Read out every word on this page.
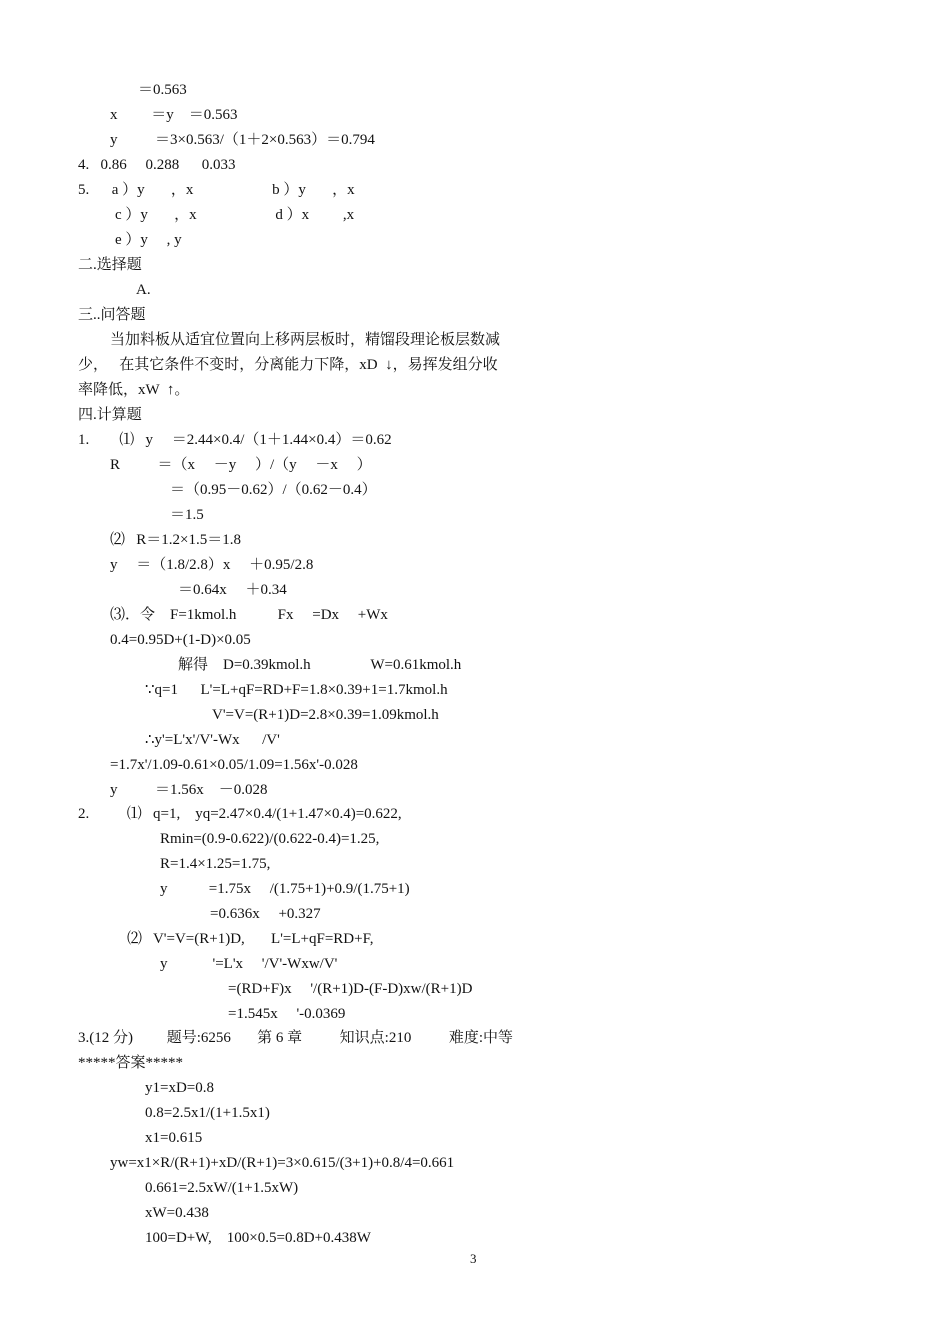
＝0.563
x         ＝y    ＝0.563
y          ＝3×0.563/（1＋2×0.563）＝0.794
4.   0.86     0.288      0.033
5.      a ）y       ，x                     b ）y       ，x
c ）y       ，x                     d ）x         ,x
e ）y     , y
二.选择题
A.
三..问答题
当加料板从适宜位置向上移两层板时，精馏段理论板层数减
少，   在其它条件不变时，分离能力下降，xD  ↓，易挥发组分收
率降低，xW  ↑。
四.计算题
1.        ⑴   y     ＝2.44×0.4/（1＋1.44×0.4）＝0.62
R          ＝（x     －y     ）/（y     －x     ）
＝（0.95－0.62）/（0.62－0.4）
＝1.5
⑵   R＝1.2×1.5＝1.8
y     ＝（1.8/2.8）x     ＋0.95/2.8
＝0.64x     ＋0.34
⑶．令    F=1kmol.h           Fx     =Dx     +Wx
0.4=0.95D+(1-D)×0.05
解得    D=0.39kmol.h                W=0.61kmol.h
∵q=1      L'=L+qF=RD+F=1.8×0.39+1=1.7kmol.h
V'=V=(R+1)D=2.8×0.39=1.09kmol.h
∴y'=L'x'/V'-Wx      /V'
=1.7x'/1.09-0.61×0.05/1.09=1.56x'-0.028
y          ＝1.56x    －0.028
2.          ⑴   q=1,    yq=2.47×0.4/(1+1.47×0.4)=0.622,
Rmin=(0.9-0.622)/(0.622-0.4)=1.25,
R=1.4×1.25=1.75,
y           =1.75x     /(1.75+1)+0.9/(1.75+1)
=0.636x     +0.327
⑵   V'=V=(R+1)D,       L'=L+qF=RD+F,
y            '=L'x     '/V'-Wxw/V'
=(RD+F)x     '/(R+1)D-(F-D)xw/(R+1)D
=1.545x     '-0.0369
3.(12 分)         题号:6256       第 6 章          知识点:210          难度:中等
*****答案*****
y1=xD=0.8
0.8=2.5x1/(1+1.5x1)
x1=0.615
yw=x1×R/(R+1)+xD/(R+1)=3×0.615/(3+1)+0.8/4=0.661
0.661=2.5xW/(1+1.5xW)
xW=0.438
100=D+W,    100×0.5=0.8D+0.438W
3
